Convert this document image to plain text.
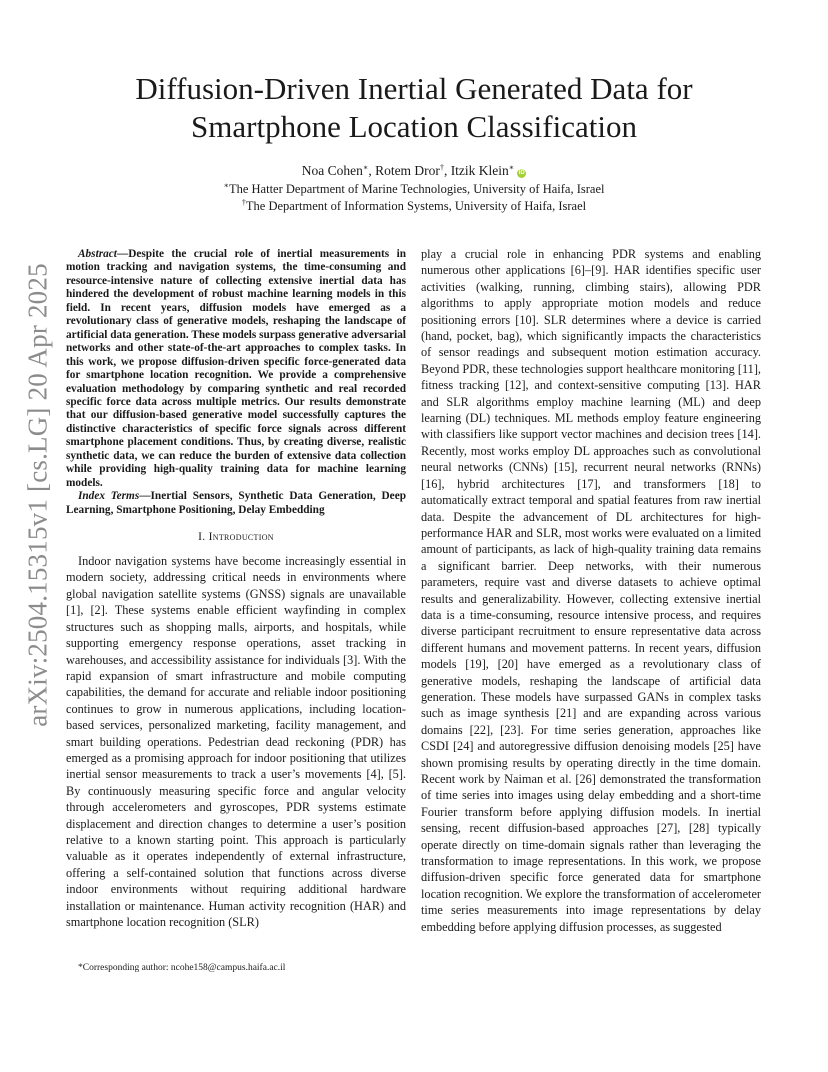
arXiv:2504.15315v1 [cs.LG] 20 Apr 2025
Diffusion-Driven Inertial Generated Data for
Smartphone Location Classification
Noa Cohen∗, Rotem Dror†, Itzik Klein∗iD
∗The Hatter Department of Marine Technologies, University of Haifa, Israel
†The Department of Information Systems, University of Haifa, Israel

Abstract—Despite the crucial role of inertial measurements in motion tracking and navigation systems, the time-consuming and resource-intensive nature of collecting extensive inertial data has hindered the development of robust machine learning models in this field. In recent years, diffusion models have emerged as a revolutionary class of generative models, reshaping the landscape of artificial data generation. These models surpass generative adversarial networks and other state-of-the-art approaches to complex tasks. In this work, we propose diffusion-driven specific force-generated data for smartphone location recognition. We provide a comprehensive evaluation methodology by comparing synthetic and real recorded specific force data across multiple metrics. Our results demonstrate that our diffusion-based generative model successfully captures the distinctive characteristics of specific force signals across different smartphone placement conditions. Thus, by creating diverse, realistic synthetic data, we can reduce the burden of extensive data collection while providing high-quality training data for machine learning models.

Index Terms—Inertial Sensors, Synthetic Data Generation, Deep Learning, Smartphone Positioning, Delay Embedding

I. Introduction

Indoor navigation systems have become increasingly essential in modern society, addressing critical needs in environments where global navigation satellite systems (GNSS) signals are unavailable [1], [2]. These systems enable efficient wayfinding in complex structures such as shopping malls, airports, and hospitals, while supporting emergency response operations, asset tracking in warehouses, and accessibility assistance for individuals [3]. With the rapid expansion of smart infrastructure and mobile computing capabilities, the demand for accurate and reliable indoor positioning continues to grow in numerous applications, including location-based services, personalized marketing, facility management, and smart building operations. Pedestrian dead reckoning (PDR) has emerged as a promising approach for indoor positioning that utilizes inertial sensor measurements to track a user’s movements [4], [5]. By continuously measuring specific force and angular velocity through accelerometers and gyroscopes, PDR systems estimate displacement and direction changes to determine a user’s position relative to a known starting point. This approach is particularly valuable as it operates independently of external infrastructure, offering a self-contained solution that functions across diverse indoor environments without requiring additional hardware installation or maintenance. Human activity recognition (HAR) and smartphone location recognition (SLR)

play a crucial role in enhancing PDR systems and enabling numerous other applications [6]–[9]. HAR identifies specific user activities (walking, running, climbing stairs), allowing PDR algorithms to apply appropriate motion models and reduce positioning errors [10]. SLR determines where a device is carried (hand, pocket, bag), which significantly impacts the characteristics of sensor readings and subsequent motion estimation accuracy. Beyond PDR, these technologies support healthcare monitoring [11], fitness tracking [12], and context-sensitive computing [13]. HAR and SLR algorithms employ machine learning (ML) and deep learning (DL) techniques. ML methods employ feature engineering with classifiers like support vector machines and decision trees [14]. Recently, most works employ DL approaches such as convolutional neural networks (CNNs) [15], recurrent neural networks (RNNs) [16], hybrid architectures [17], and transformers [18] to automatically extract temporal and spatial features from raw inertial data. Despite the advancement of DL architectures for high-performance HAR and SLR, most works were evaluated on a limited amount of participants, as lack of high-quality training data remains a significant barrier. Deep networks, with their numerous parameters, require vast and diverse datasets to achieve optimal results and generalizability. However, collecting extensive inertial data is a time-consuming, resource intensive process, and requires diverse participant recruitment to ensure representative data across different humans and movement patterns. In recent years, diffusion models [19], [20] have emerged as a revolutionary class of generative models, reshaping the landscape of artificial data generation. These models have surpassed GANs in complex tasks such as image synthesis [21] and are expanding across various domains [22], [23]. For time series generation, approaches like CSDI [24] and autoregressive diffusion denoising models [25] have shown promising results by operating directly in the time domain. Recent work by Naiman et al. [26] demonstrated the transformation of time series into images using delay embedding and a short-time Fourier transform before applying diffusion models. In inertial sensing, recent diffusion-based approaches [27], [28] typically operate directly on time-domain signals rather than leveraging the transformation to image representations. In this work, we propose diffusion-driven specific force generated data for smartphone location recognition. We explore the transformation of accelerometer time series measurements into image representations by delay embedding before applying diffusion processes, as suggested

*Corresponding author: ncohe158@campus.haifa.ac.il
